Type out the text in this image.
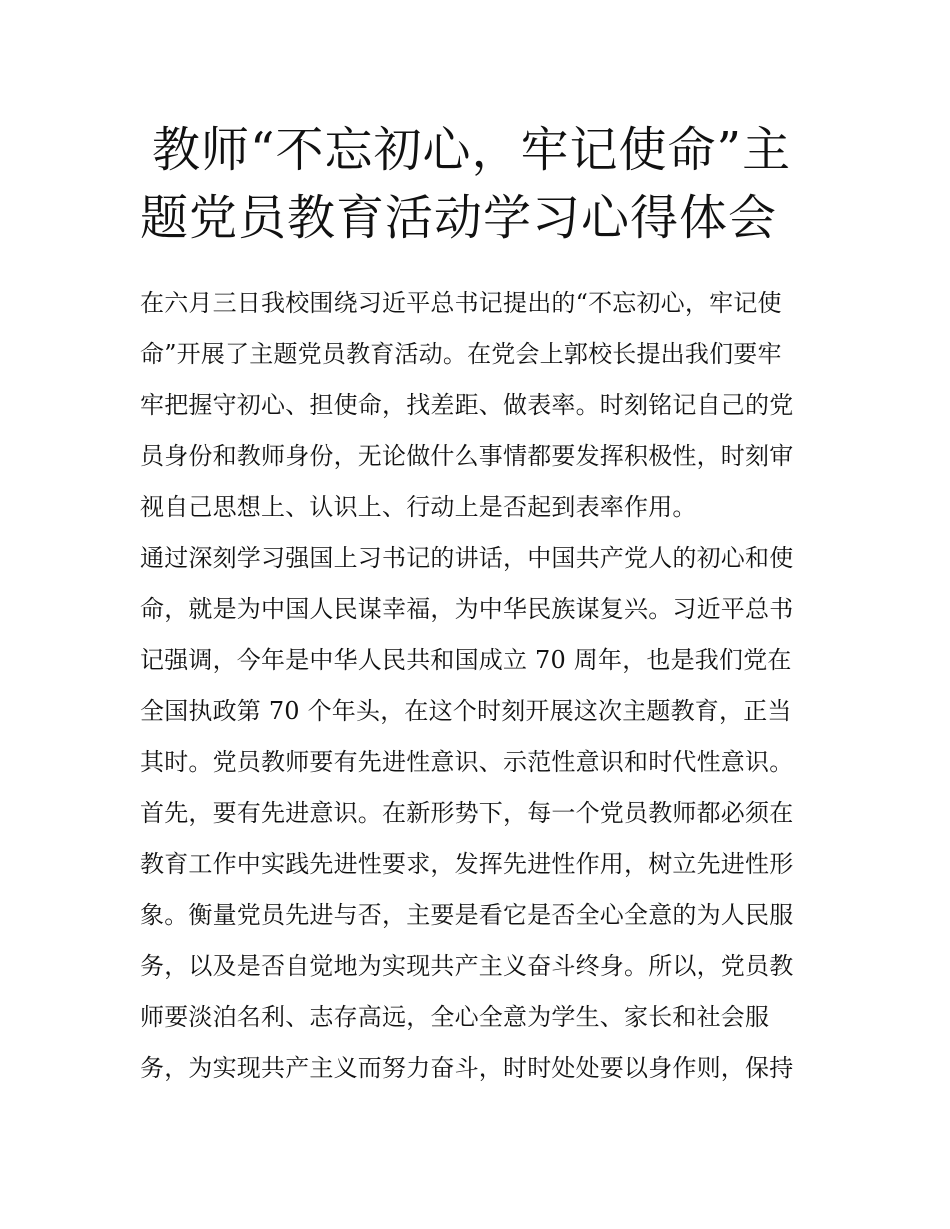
教师“不忘初心，牢记使命”主
题党员教育活动学习心得体会
在六月三日我校围绕习近平总书记提出的“不忘初心，牢记使
命”开展了主题党员教育活动。在党会上郭校长提出我们要牢
牢把握守初心、担使命，找差距、做表率。时刻铭记自己的党
员身份和教师身份，无论做什么事情都要发挥积极性，时刻审
视自己思想上、认识上、行动上是否起到表率作用。
通过深刻学习强国上习书记的讲话，中国共产党人的初心和使
命，就是为中国人民谋幸福，为中华民族谋复兴。习近平总书
记强调，今年是中华人民共和国成立 70 周年，也是我们党在
全国执政第 70 个年头，在这个时刻开展这次主题教育，正当
其时。党员教师要有先进性意识、示范性意识和时代性意识。
首先，要有先进意识。在新形势下，每一个党员教师都必须在
教育工作中实践先进性要求，发挥先进性作用，树立先进性形
象。衡量党员先进与否，主要是看它是否全心全意的为人民服
务，以及是否自觉地为实现共产主义奋斗终身。所以，党员教
师要淡泊名利、志存高远，全心全意为学生、家长和社会服
务，为实现共产主义而努力奋斗，时时处处要以身作则，保持
